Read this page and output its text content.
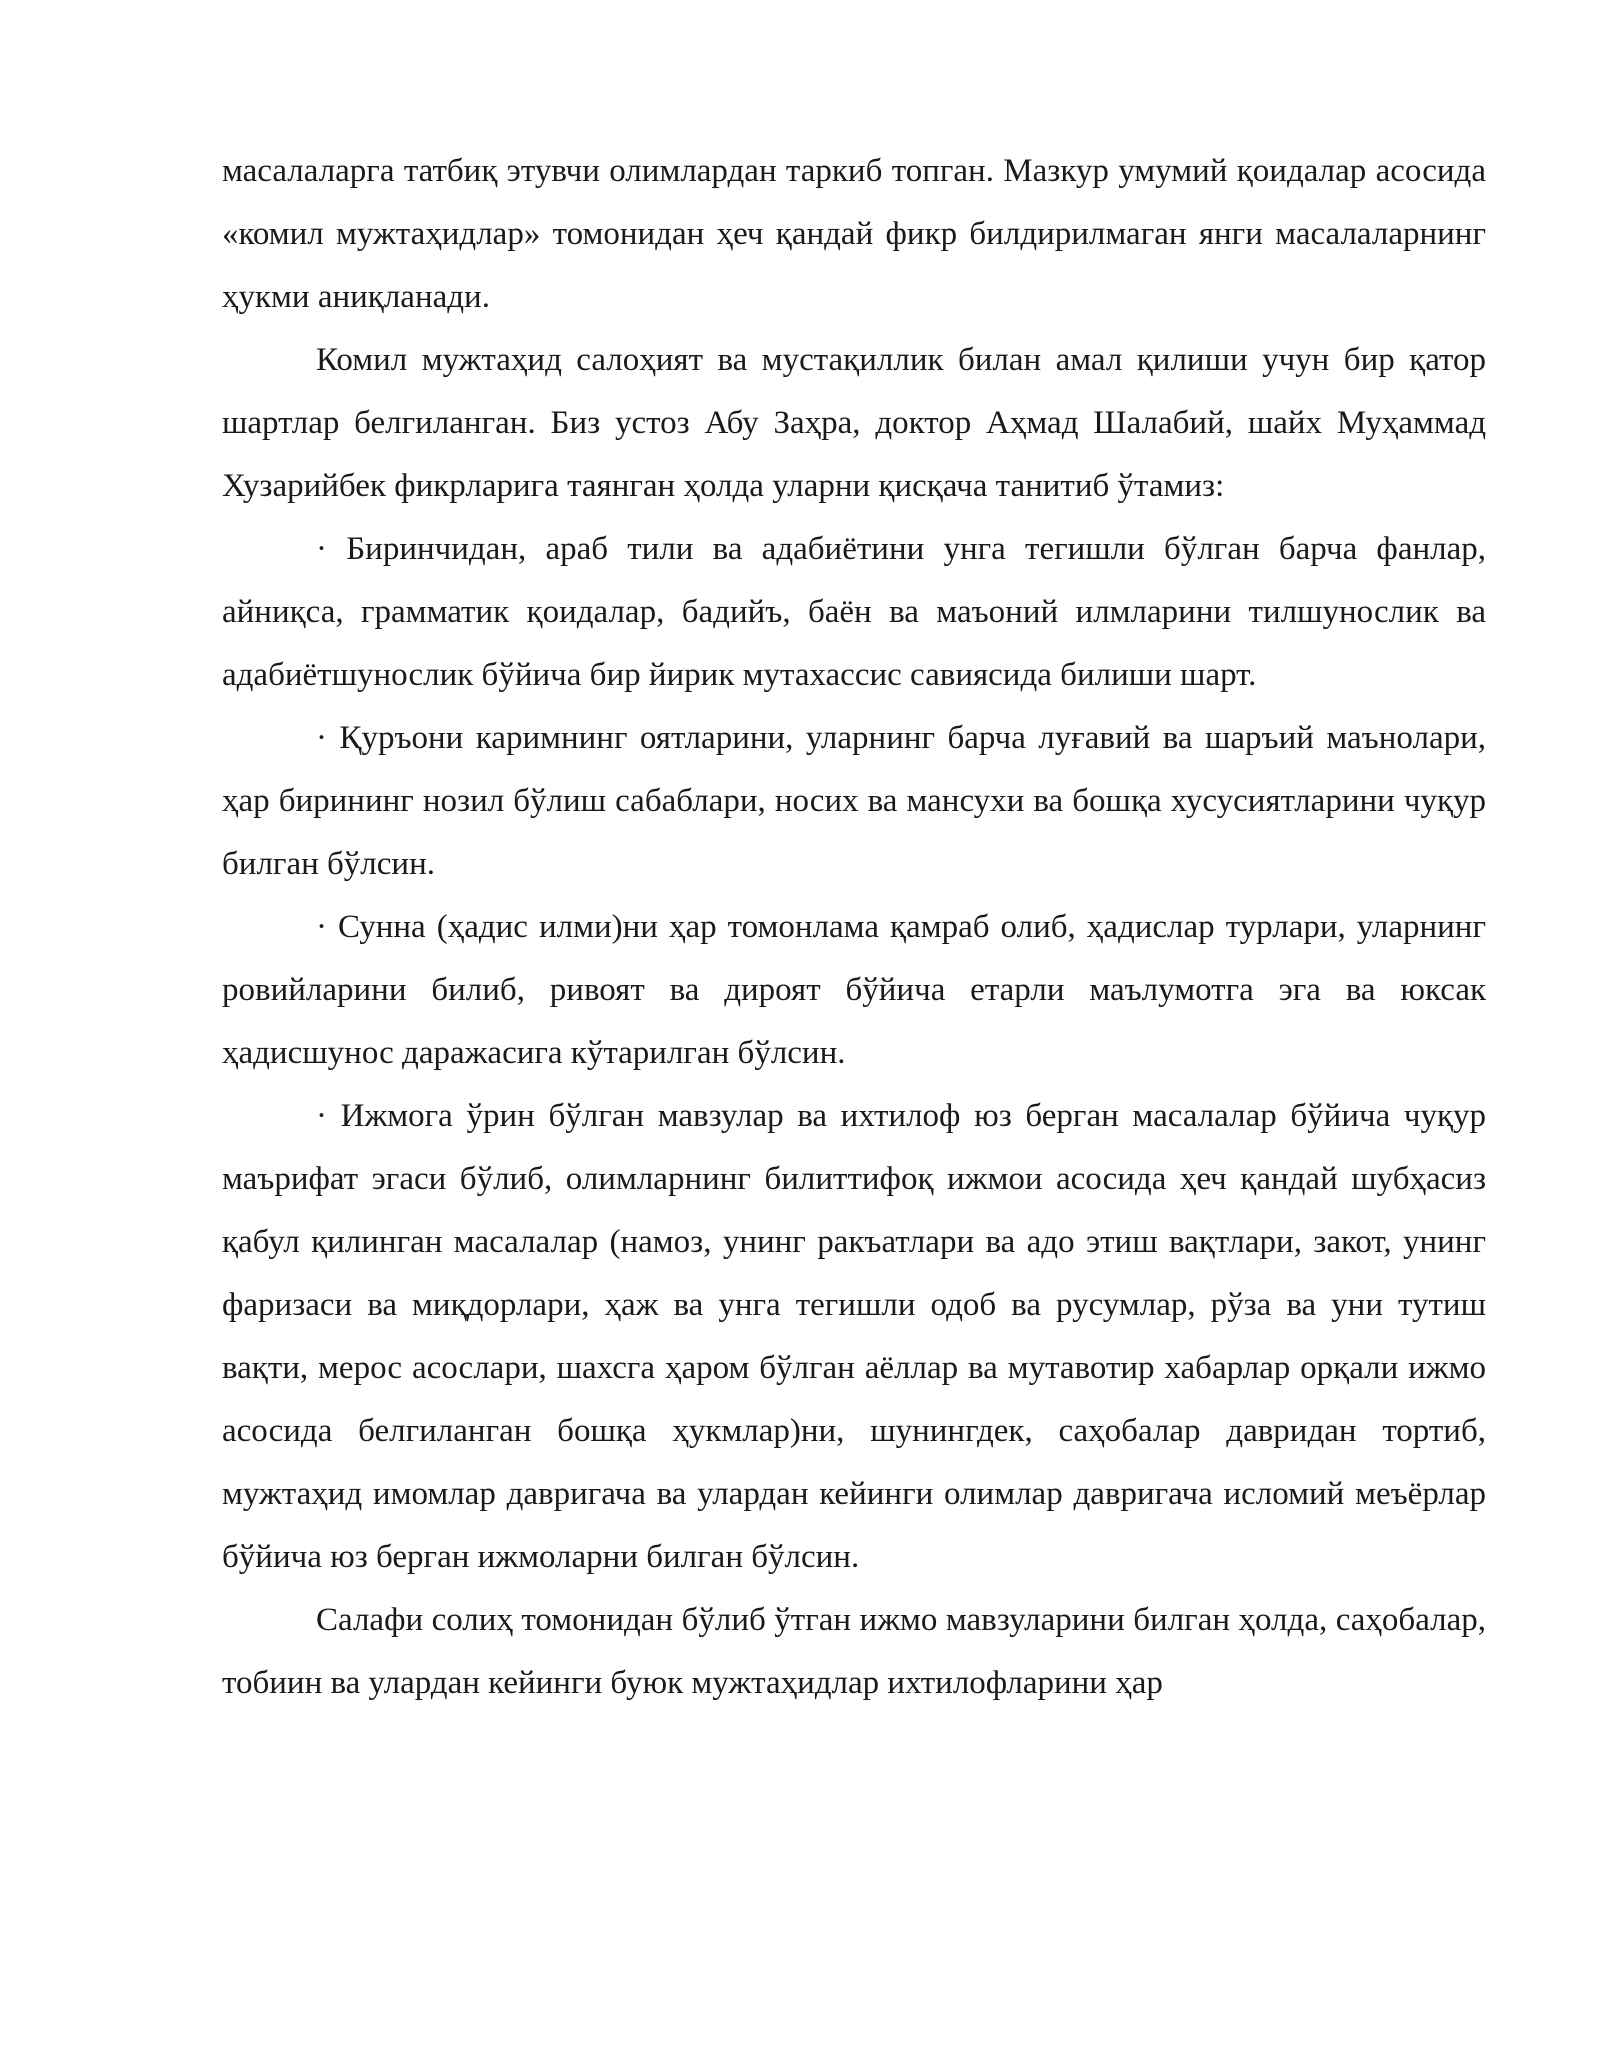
масалаларга татбиқ этувчи олимлардан таркиб топган. Мазкур умумий қоидалар асосида «комил мужтаҳидлар» томонидан ҳеч қандай фикр билдирилмаган янги масалаларнинг ҳукми аниқланади.

Комил мужтаҳид салоҳият ва мустақиллик билан амал қилиши учун бир қатор шартлар белгиланган. Биз устоз Абу Заҳра, доктор Аҳмад Шалабий, шайх Муҳаммад Хузарийбек фикрларига таянган ҳолда уларни қисқача танитиб ўтамиз:

· Биринчидан, араб тили ва адабиётини унга тегишли бўлган барча фанлар, айниқса, грамматик қоидалар, бадийъ, баён ва маъоний илмларини тилшунослик ва адабиётшунослик бўйича бир йирик мутахассис савиясида билиши шарт.

· Қуръони каримнинг оятларини, уларнинг барча луғавий ва шаръий маънолари, ҳар бирининг нозил бўлиш сабаблари, носих ва мансухи ва бошқа хусусиятларини чуқур билган бўлсин.

· Сунна (ҳадис илми)ни ҳар томонлама қамраб олиб, ҳадислар турлари, уларнинг ровийларини билиб, ривоят ва дироят бўйича етарли маълумотга эга ва юксак ҳадисшунос даражасига кўтарилган бўлсин.

· Ижмога ўрин бўлган мавзулар ва ихтилоф юз берган масалалар бўйича чуқур маърифат эгаси бўлиб, олимларнинг билиттифоқ ижмои асосида ҳеч қандай шубҳасиз қабул қилинган масалалар (намоз, унинг ракъатлари ва адо этиш вақтлари, закот, унинг фаризаси ва миқдорлари, ҳаж ва унга тегишли одоб ва русумлар, рўза ва уни тутиш вақти, мерос асослари, шахсга ҳаром бўлган аёллар ва мутавотир хабарлар орқали ижмо асосида белгиланган бошқа ҳукмлар)ни, шунингдек, саҳобалар давридан тортиб, мужтаҳид имомлар давригача ва улардан кейинги олимлар давригача исломий меъёрлар бўйича юз берган ижмоларни билган бўлсин.

Салафи солиҳ томонидан бўлиб ўтган ижмо мавзуларини билган ҳолда, саҳобалар, тобиин ва улардан кейинги буюк мужтаҳидлар ихтилофларини ҳар
